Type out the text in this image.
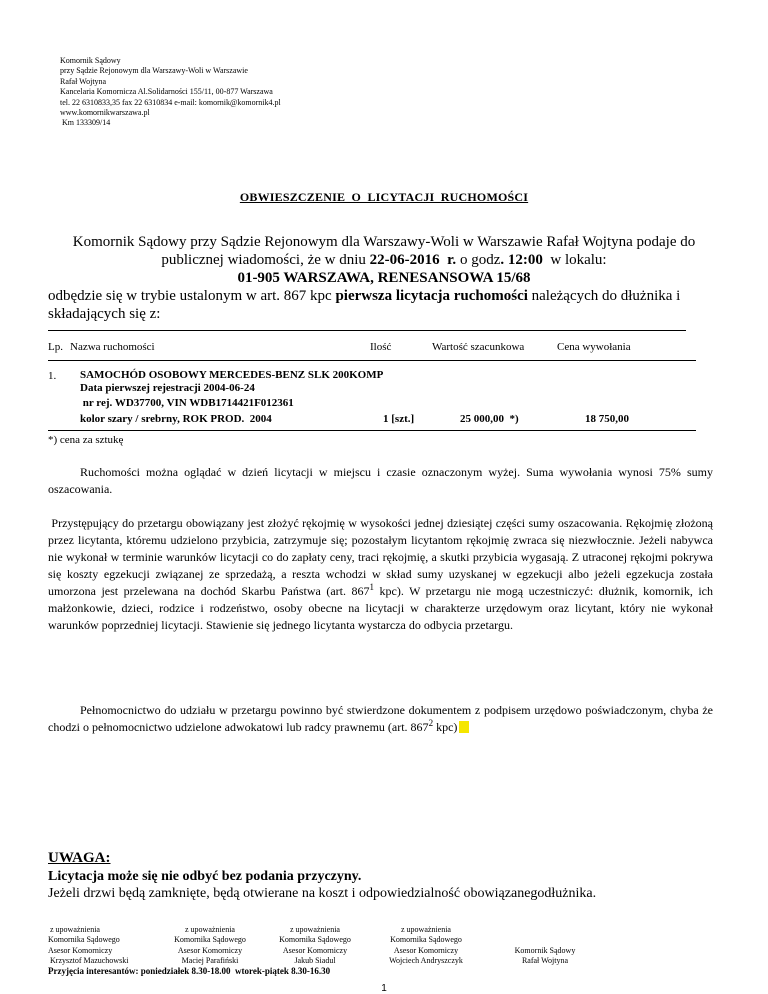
Komornik Sądowy
przy Sądzie Rejonowym dla Warszawy-Woli w Warszawie
Rafał Wojtyna
Kancelaria Komornicza Al.Solidarności 155/11, 00-877 Warszawa
tel. 22 6310833,35 fax 22 6310834 e-mail: komornik@komornik4.pl
www.komornikwarszawa.pl
Km 133309/14
OBWIESZCZENIE  O  LICYTACJI  RUCHOMOŚCI
Komornik Sądowy przy Sądzie Rejonowym dla Warszawy-Woli w Warszawie Rafał Wojtyna podaje do
publicznej wiadomości, że w dniu 22-06-2016  r. o godz. 12:00  w lokalu:
01-905 WARSZAWA, RENESANSOWA 15/68
odbędzie się w trybie ustalonym w art. 867 kpc pierwsza licytacja ruchomości należących do dłużnika i
składających się z:
Lp. Nazwa ruchomości	Ilość	Wartość szacunkowa	Cena wywołania
1. SAMOCHÓD OSOBOWY MERCEDES-BENZ SLK 200KOMP
Data pierwszej rejestracji 2004-06-24
nr rej. WD37700, VIN WDB1714421F012361
kolor szary / srebrny, ROK PROD.  2004	1 [szt.]	25 000,00  *)	18 750,00
*) cena za sztukę

Ruchomości można oglądać w dzień licytacji w miejscu i czasie oznaczonym wyżej. Suma wywołania wynosi 75% sumy oszacowania.

Przystępujący do przetargu obowiązany jest złożyć rękojmię w wysokości jednej dziesiątej części sumy oszacowania. Rękojmię złożoną przez licytanta, któremu udzielono przybicia, zatrzymuje się; pozostałym licytantom rękojmię zwraca się niezwłocznie. Jeżeli nabywca nie wykonał w terminie warunków licytacji co do zapłaty ceny, traci rękojmię, a skutki przybicia wygasają. Z utraconej rękojmi pokrywa się koszty egzekucji związanej ze sprzedażą, a reszta wchodzi w skład sumy uzyskanej w egzekucji albo jeżeli egzekucja została umorzona jest przelewana na dochód Skarbu Państwa (art. $867^1$ kpc). W przetargu nie mogą uczestniczyć: dłużnik, komornik, ich małżonkowie, dzieci, rodzice i rodzeństwo, osoby obecne na licytacji w charakterze urzędowym oraz licytant, który nie wykonał warunków poprzedniej licytacji. Stawienie się jednego licytanta wystarcza do odbycia przetargu.

Pełnomocnictwo do udziału w przetargu powinno być stwierdzone dokumentem z podpisem urzędowo poświadczonym, chyba że chodzi o pełnomocnictwo udzielone adwokatowi lub radcy prawnemu (art. $867^2$ kpc)

UWAGA:
Licytacja może się nie odbyć bez podania przyczyny.
Jeżeli drzwi będą zamknięte, będą otwierane na koszt i odpowiedzialność obowiązanegodłużnika.
z upoważnienia
Komornika Sądowego
Asesor Komorniczy
Krzysztof Mazuchowski
z upoważnienia
Komornika Sądowego
Asesor Komorniczy
Maciej Parafiński
z upoważnienia
Komornika Sądowego
Asesor Komorniczy
Jakub Siadul
z upoważnienia
Komornika Sądowego
Asesor Komorniczy
Wojciech Andryszczyk
Komornik Sądowy
Rafał Wojtyna
Przyjęcia interesantów: poniedziałek 8.30-18.00  wtorek-piątek 8.30-16.30
1
